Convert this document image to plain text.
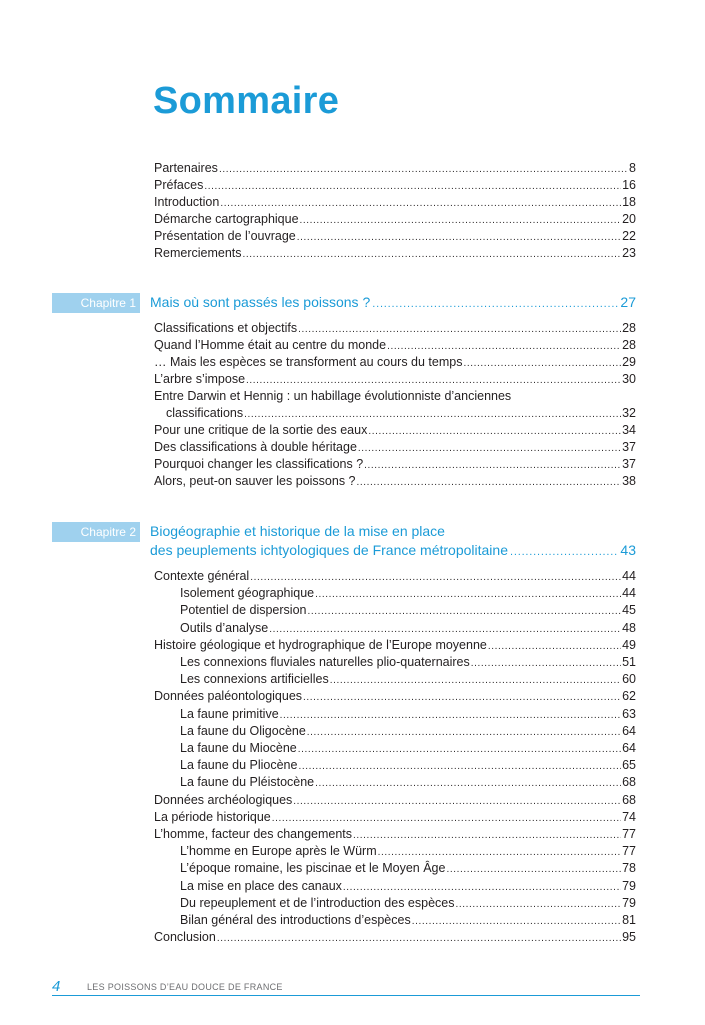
Sommaire
Partenaires .....	8
Préfaces .....	16
Introduction .....	18
Démarche cartographique .....	20
Présentation de l’ouvrage .....	22
Remerciements .....	23
Chapitre 1 Mais où sont passés les poissons ? .....	27
Classifications et objectifs .....	28
Quand l’Homme était au centre du monde .....	28
… Mais les espèces se transforment au cours du temps .....	29
L’arbre s’impose .....	30
Entre Darwin et Hennig : un habillage évolutionniste d’anciennes
classifications .....	32
Pour une critique de la sortie des eaux .....	34
Des classifications à double héritage .....	37
Pourquoi changer les classifications ? .....	37
Alors, peut-on sauver les poissons ? .....	38
Chapitre 2 Biogéographie et historique de la mise en place
des peuplements ichtyologiques de France métropolitaine .....	43
Contexte général .....	44
Isolement géographique .....	44
Potentiel de dispersion .....	45
Outils d’analyse .....	48
Histoire géologique et hydrographique de l’Europe moyenne .....	49
Les connexions fluviales naturelles plio-quaternaires .....	51
Les connexions artificielles .....	60
Données paléontologiques .....	62
La faune primitive .....	63
La faune du Oligocène .....	64
La faune du Miocène .....	64
La faune du Pliocène .....	65
La faune du Pléistocène .....	68
Données archéologiques .....	68
La période historique .....	74
L’homme, facteur des changements .....	77
L’homme en Europe après le Würm .....	77
L’époque romaine, les piscinae et le Moyen Âge .....	78
La mise en place des canaux .....	79
Du repeuplement et de l’introduction des espèces .....	79
Bilan général des introductions d’espèces .....	81
Conclusion .....	95
4	LES POISSONS D’EAU DOUCE DE FRANCE
